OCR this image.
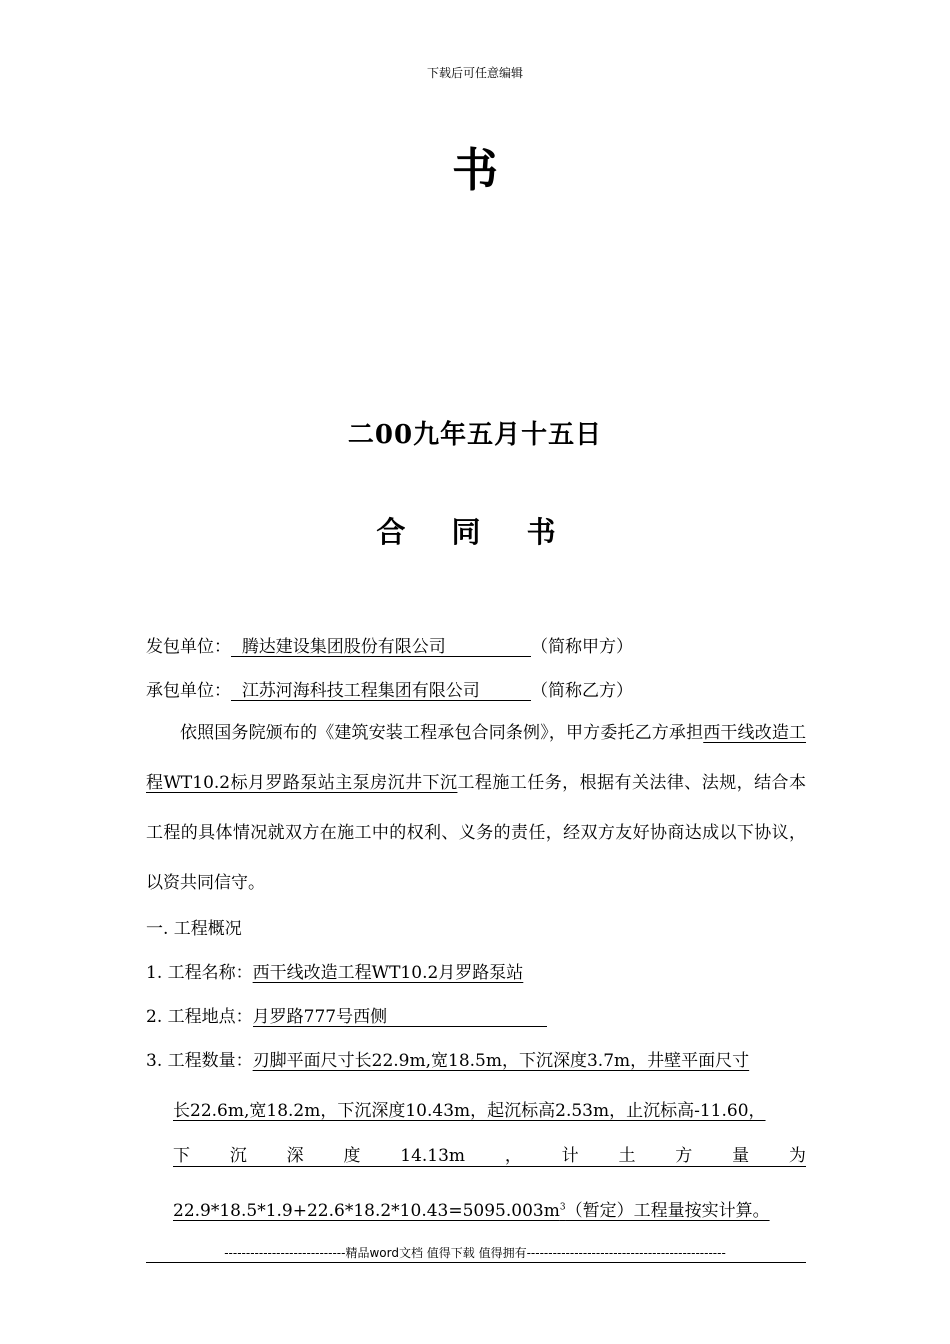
下载后可任意编辑
书
二00九年五月十五日
合 同 书
发包单位： 腾达建设集团股份有限公司	（简称甲方）
承包单位： 江苏河海科技工程集团有限公司	（简称乙方）
依照国务院颁布的《建筑安装工程承包合同条例》，甲方委托乙方承担西干线改造工程WT10.2标月罗路泵站主泵房沉井下沉工程施工任务，根据有关法律、法规，结合本工程的具体情况就双方在施工中的权利、义务的责任，经双方友好协商达成以下协议，以资共同信守。
一. 工程概况
1. 工程名称：西干线改造工程WT10.2月罗路泵站
2. 工程地点：月罗路777号西侧
3. 工程数量：刃脚平面尺寸长22.9m,宽18.5m，下沉深度3.7m，井壁平面尺寸
长22.6m,宽18.2m，下沉深度10.43m，起沉标高2.53m，止沉标高-11.60，
下 沉 深 度 14.13m ， 计 土 方 量 为
$22.9*18.5*1.9+22.6*18.2*10.43=5095.003m^3$（暂定）工程量按实计算。
----------------------------精品word文档 值得下载 值得拥有----------------------------------------------
